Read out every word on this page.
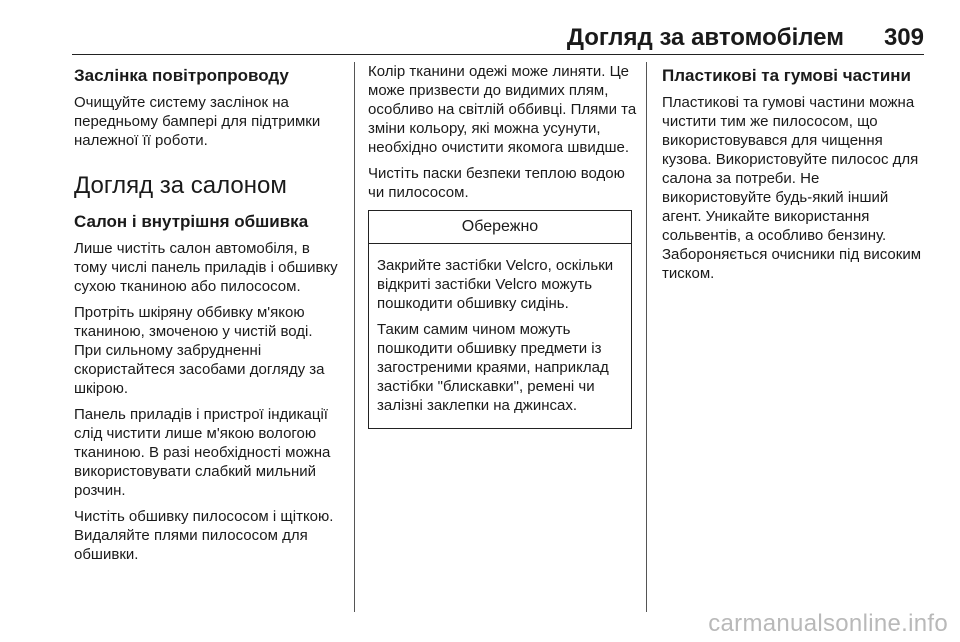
Догляд за автомобілем 309
Заслінка повітропроводу

Очищуйте систему заслінок на передньому бампері для підтримки належної її роботи.

Догляд за салоном
Салон і внутрішня обшивка

Лише чистіть салон автомобіля, в тому числі панель приладів і обшивку сухою тканиною або пилососом.

Протріть шкіряну оббивку м'якою тканиною, змоченою у чистій воді. При сильному забрудненні скористайтеся засобами догляду за шкірою.

Панель приладів і пристрої індикації слід чистити лише м'якою вологою тканиною. В разі необхідності можна використовувати слабкий мильний розчин.

Чистіть обшивку пилососом і щіткою. Видаляйте плями пилососом для обшивки.

Колір тканини одежі може линяти. Це може призвести до видимих плям, особливо на світлій оббивці. Плями та зміни кольору, які можна усунути, необхідно очистити якомога швидше.

Чистіть паски безпеки теплою водою чи пилососом.

Обережно

Закрийте застібки Velcro, оскільки відкриті застібки Velcro можуть пошкодити обшивку сидінь.

Таким самим чином можуть пошкодити обшивку предмети із загостреними краями, наприклад застібки "блискавки", ремені чи залізні заклепки на джинсах.

Пластикові та гумові частини

Пластикові та гумові частини можна чистити тим же пилососом, що використовувався для чищення кузова. Використовуйте пилосос для салона за потреби. Не використовуйте будь-який інший агент. Уникайте використання сольвентів, а особливо бензину. Забороняється очисники під високим тиском.

carmanualsonline.info
